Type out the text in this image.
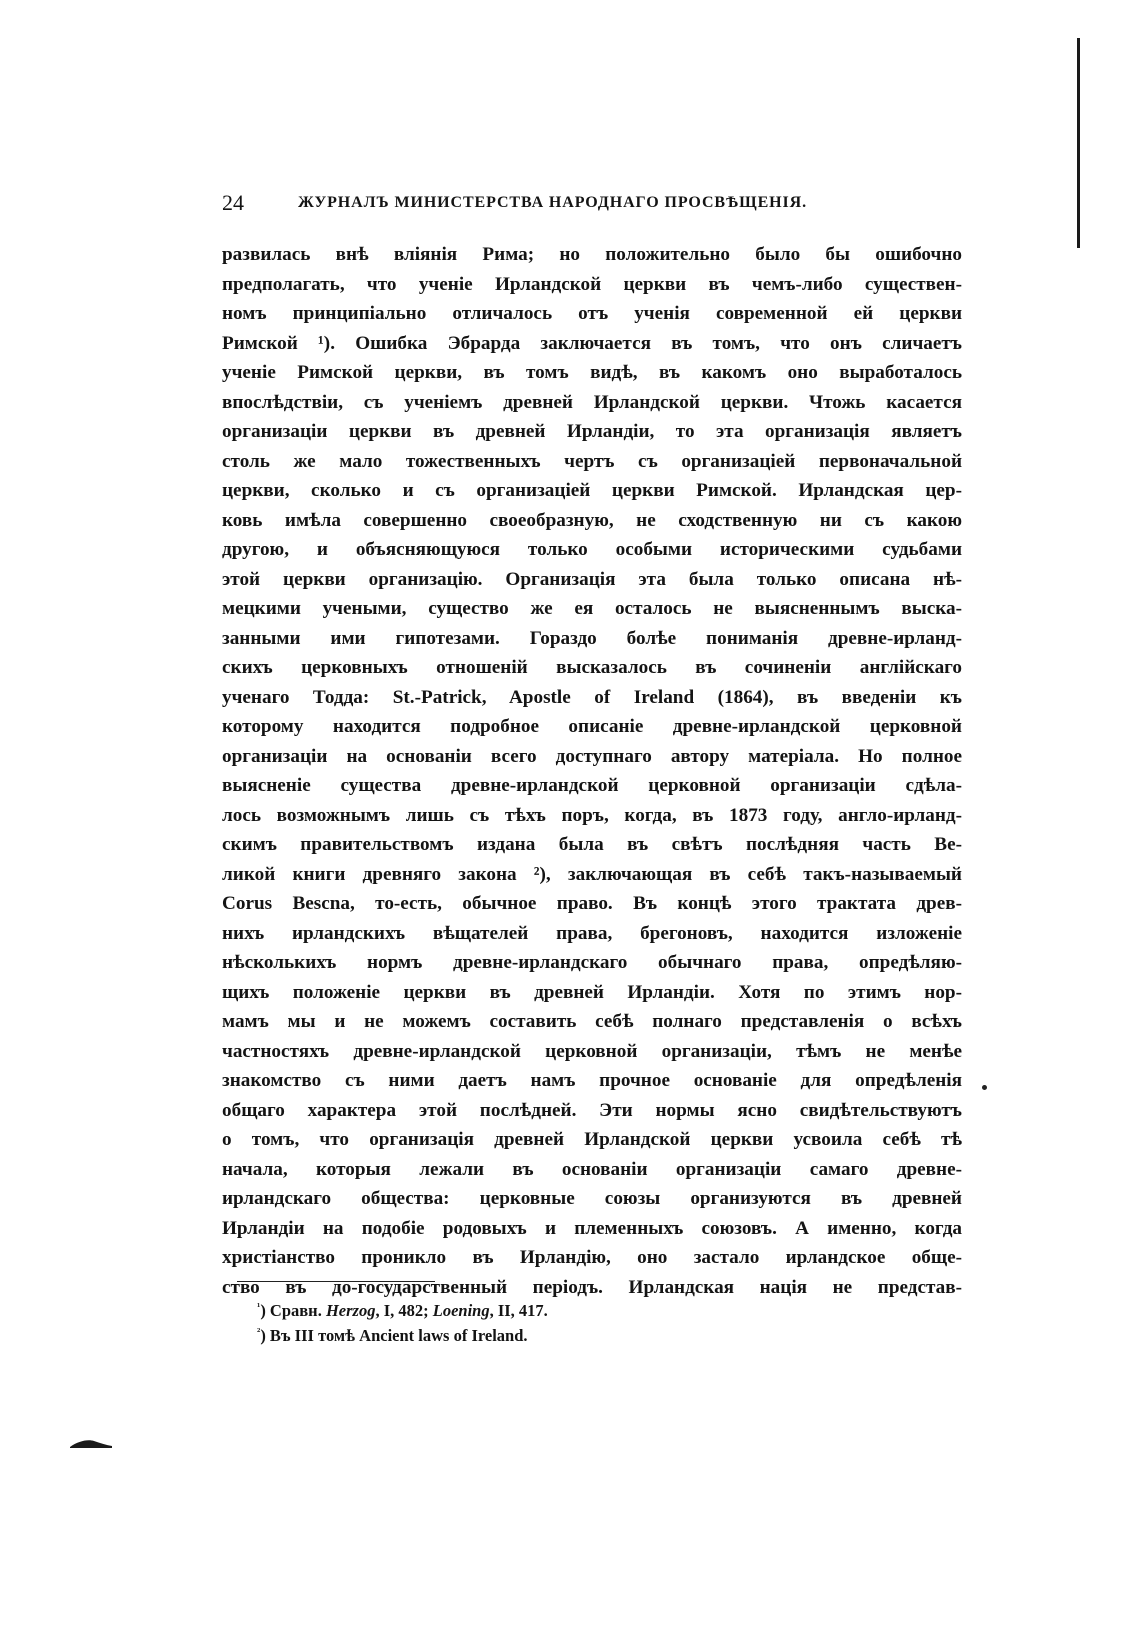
24	ЖУРНАЛЪ МИНИСТЕРСТВА НАРОДНАГО ПРОСВѢЩЕНІЯ.
развилась внѣ вліянія Рима; но положительно было бы ошибочно
предполагать, что ученіе Ирландской церкви въ чемъ-либо существен-
номъ принципіально отличалось отъ ученія современной ей церкви
Римской ¹). Ошибка Эбрарда заключается въ томъ, что онъ сличаетъ
ученіе Римской церкви, въ томъ видѣ, въ какомъ оно выработалось
впослѣдствіи, съ ученіемъ древней Ирландской церкви. Чтожь касается
организаціи церкви въ древней Ирландіи, то эта организація являетъ
столь же мало тожественныхъ чертъ съ организаціей первоначальной
церкви, сколько и съ организаціей церкви Римской. Ирландская цер-
ковь имѣла совершенно своеобразную, не сходственную ни съ какою
другою, и объясняющуюся только особыми историческими судьбами
этой церкви организацію. Организація эта была только описана нѣ-
мецкими учеными, существо же ея осталось не выясненнымъ выска-
занными ими гипотезами. Гораздо болѣе пониманія древне-ирланд-
скихъ церковныхъ отношеній высказалось въ сочиненіи англійскаго
ученаго Тодда: St.-Patrick, Apostle of Ireland (1864), въ введеніи къ
которому находится подробное описаніе древне-ирландской церковной
организаціи на основаніи всего доступнаго автору матеріала. Но полное
выясненіе существа древне-ирландской церковной организаціи сдѣла-
лось возможнымъ лишь съ тѣхъ поръ, когда, въ 1873 году, англо-ирланд-
скимъ правительствомъ издана была въ свѣтъ послѣдняя часть Ве-
ликой книги древняго закона ²), заключающая въ себѣ такъ-называемый
Corus Bescna, то-есть, обычное право. Въ концѣ этого трактата древ-
нихъ ирландскихъ вѣщателей права, брегоновъ, находится изложеніе
нѣсколькихъ нормъ древне-ирландскаго обычнаго права, опредѣляю-
щихъ положеніе церкви въ древней Ирландіи. Хотя по этимъ нор-
мамъ мы и не можемъ составить себѣ полнаго представленія о всѣхъ
частностяхъ древне-ирландской церковной организаціи, тѣмъ не менѣе
знакомство съ ними даетъ намъ прочное основаніе для опредѣленія
общаго характера этой послѣдней. Эти нормы ясно свидѣтельствуютъ
о томъ, что организація древней Ирландской церкви усвоила себѣ тѣ
начала, которыя лежали въ основаніи организаціи самаго древне-
ирландскаго общества: церковные союзы организуются въ древней
Ирландіи на подобіе родовыхъ и племенныхъ союзовъ. А именно, когда
христіанство проникло въ Ирландію, оно застало ирландское обще-
ство въ до-государственный періодъ. Ирландская нація не представ-
$^{^1}$) Сравн. Herzog, I, 482; Loening, II, 417.
$^{^2}$) Въ III томѣ Ancient laws of Ireland.
